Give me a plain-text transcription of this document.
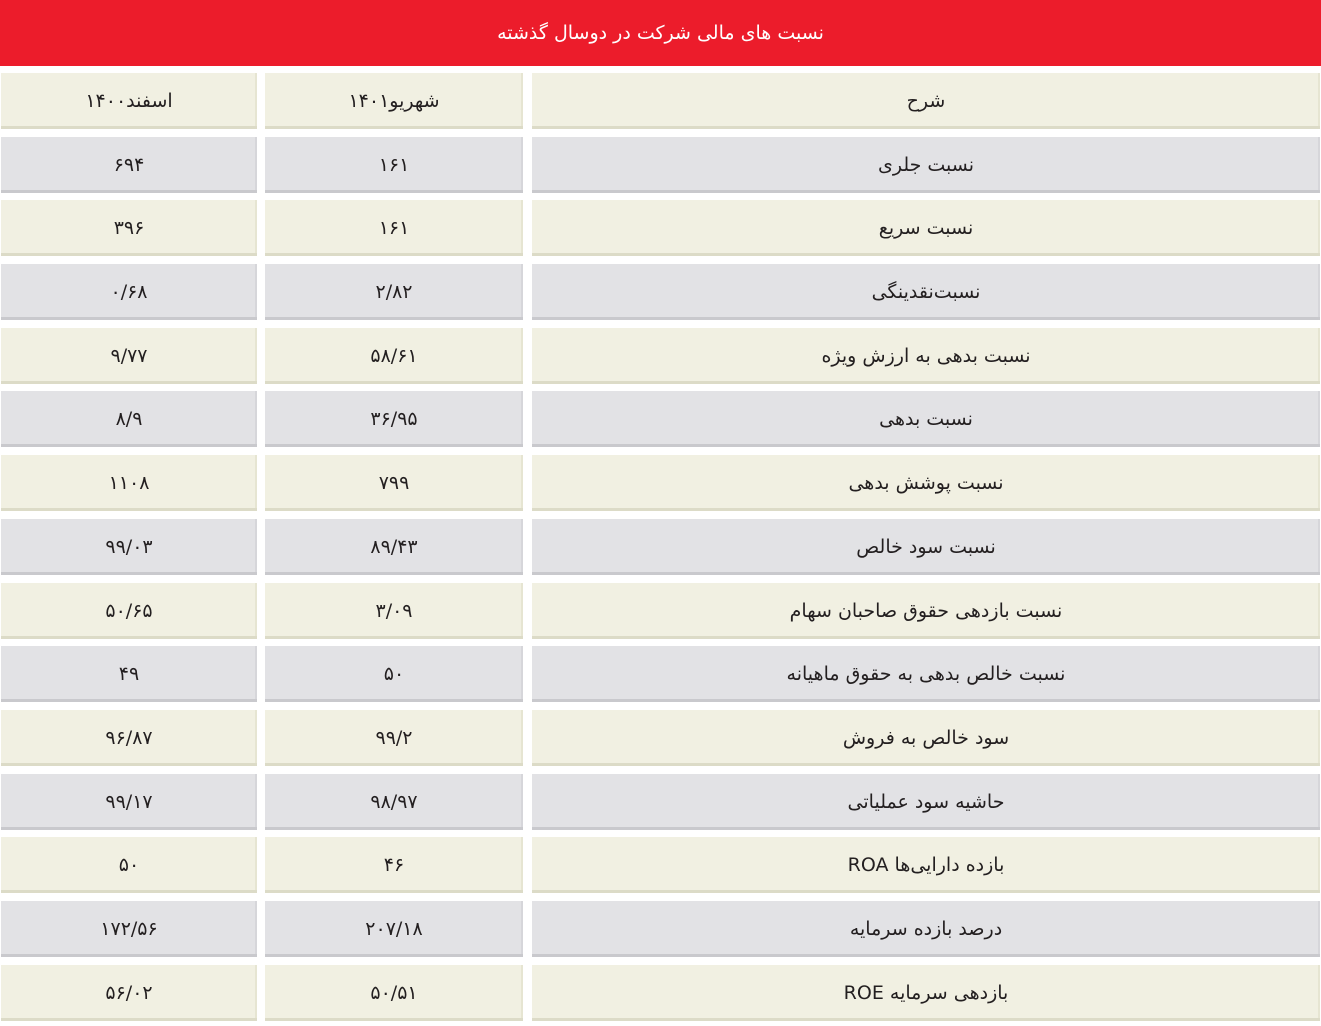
نسبت های مالی شرکت در دوسال گذشته
شرح
شهریو۱۴۰۱
اسفند۱۴۰۰
نسبت جلری
۱۶۱
۶۹۴
نسبت سریع
۱۶۱
۳۹۶
نسبت‌نقدینگی
۲/۸۲
۰/۶۸
نسبت بدهی به ارزش ویژه
۵۸/۶۱
۹/۷۷
نسبت بدهی
۳۶/۹۵
۸/۹
نسبت پوشش بدهی
۷۹۹
۱۱۰۸
نسبت سود خالص
۸۹/۴۳
۹۹/۰۳
نسبت بازدهی حقوق صاحبان سهام
۳/۰۹
۵۰/۶۵
نسبت خالص بدهی به حقوق ماهیانه
۵۰
۴۹
سود خالص به فروش
۹۹/۲
۹۶/۸۷
حاشیه سود عملیاتی
۹۸/۹۷
۹۹/۱۷
بازده دارایی‌ها ROA
۴۶
۵۰
درصد بازده سرمایه
۲۰۷/۱۸
۱۷۲/۵۶
بازدهی سرمایه ROE
۵۰/۵۱
۵۶/۰۲
